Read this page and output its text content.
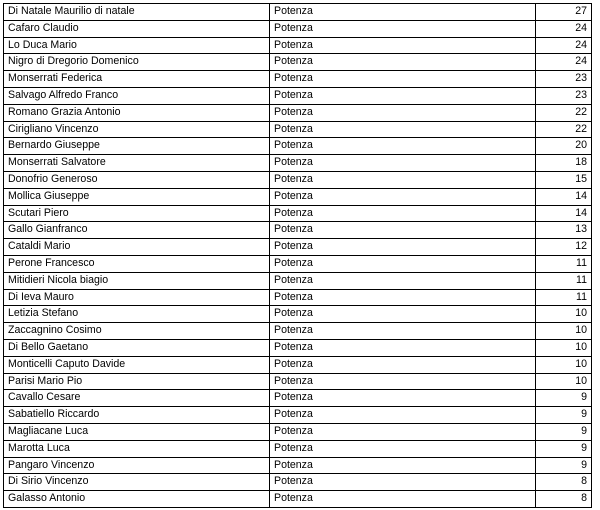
Di Natale Maurilio di natale	Potenza	27
Cafaro Claudio	Potenza	24
Lo Duca Mario	Potenza	24
Nigro di Dregorio Domenico	Potenza	24
Monserrati Federica	Potenza	23
Salvago Alfredo Franco	Potenza	23
Romano Grazia Antonio	Potenza	22
Cirigliano Vincenzo	Potenza	22
Bernardo Giuseppe	Potenza	20
Monserrati Salvatore	Potenza	18
Donofrio Generoso	Potenza	15
Mollica Giuseppe	Potenza	14
Scutari Piero	Potenza	14
Gallo Gianfranco	Potenza	13
Cataldi Mario	Potenza	12
Perone Francesco	Potenza	11
Mitidieri Nicola biagio	Potenza	11
Di Ieva Mauro	Potenza	11
Letizia Stefano	Potenza	10
Zaccagnino Cosimo	Potenza	10
Di Bello Gaetano	Potenza	10
Monticelli Caputo Davide	Potenza	10
Parisi Mario Pio	Potenza	10
Cavallo Cesare	Potenza	9
Sabatiello Riccardo	Potenza	9
Magliacane Luca	Potenza	9
Marotta Luca	Potenza	9
Pangaro Vincenzo	Potenza	9
Di Sirio Vincenzo	Potenza	8
Galasso Antonio	Potenza	8
